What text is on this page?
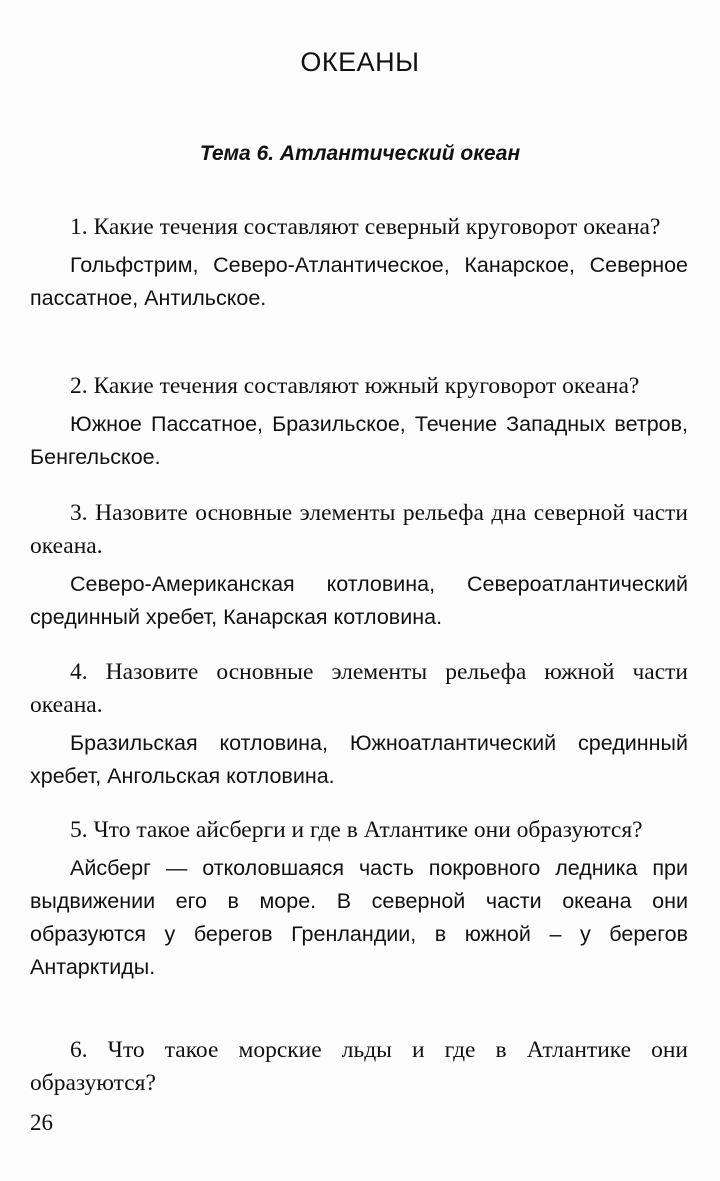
ОКЕАНЫ
Тема 6. Атлантический океан

1. Какие течения составляют северный круговорот океана?

Гольфстрим, Северо-Атлантическое, Канарское, Северное пассатное, Антильское.

2. Какие течения составляют южный круговорот океана?

Южное Пассатное, Бразильское, Течение Западных ветров, Бенгельское.

3. Назовите основные элементы рельефа дна северной части океана.

Северо-Американская котловина, Североатлантический срединный хребет, Канарская котловина.

4. Назовите основные элементы рельефа южной части океана.

Бразильская котловина, Южноатлантический срединный хребет, Ангольская котловина.

5. Что такое айсберги и где в Атлантике они образуются?

Айсберг — отколовшаяся часть покровного ледника при выдвижении его в море. В северной части океана они образуются у берегов Гренландии, в южной – у берегов Антарктиды.

6. Что такое морские льды и где в Атлантике они образуются?

26
